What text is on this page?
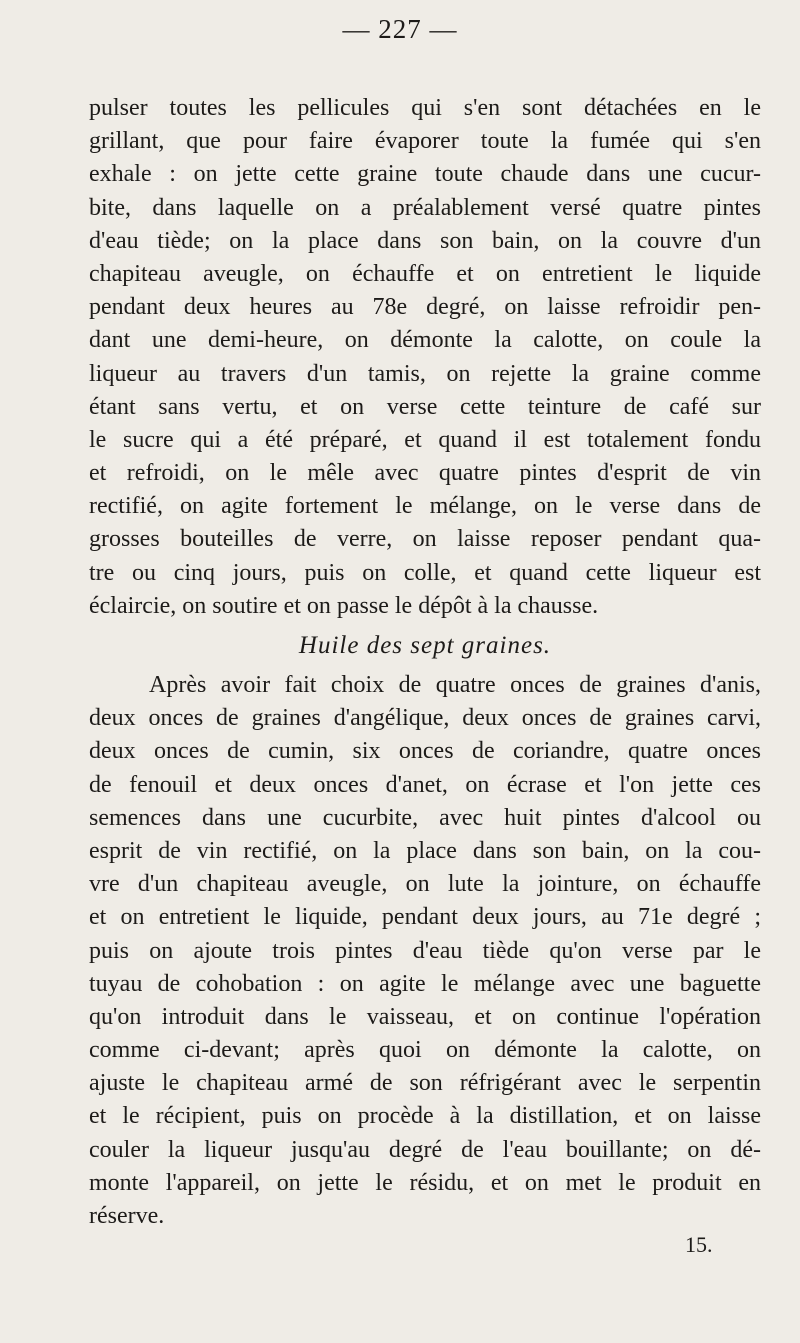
— 227 —
pulser toutes les pellicules qui s'en sont détachées en le
grillant, que pour faire évaporer toute la fumée qui s'en
exhale : on jette cette graine toute chaude dans une cucur-
bite, dans laquelle on a préalablement versé quatre pintes
d'eau tiède; on la place dans son bain, on la couvre d'un
chapiteau aveugle, on échauffe et on entretient le liquide
pendant deux heures au 78e degré, on laisse refroidir pen-
dant une demi-heure, on démonte la calotte, on coule la
liqueur au travers d'un tamis, on rejette la graine comme
étant sans vertu, et on verse cette teinture de café sur
le sucre qui a été préparé, et quand il est totalement fondu
et refroidi, on le mêle avec quatre pintes d'esprit de vin
rectifié, on agite fortement le mélange, on le verse dans de
grosses bouteilles de verre, on laisse reposer pendant qua-
tre ou cinq jours, puis on colle, et quand cette liqueur est
éclaircie, on soutire et on passe le dépôt à la chausse.
Huile des sept graines.
Après avoir fait choix de quatre onces de graines d'anis,
deux onces de graines d'angélique, deux onces de graines carvi,
deux onces de cumin, six onces de coriandre, quatre onces
de fenouil et deux onces d'anet, on écrase et l'on jette ces
semences dans une cucurbite, avec huit pintes d'alcool ou
esprit de vin rectifié, on la place dans son bain, on la cou-
vre d'un chapiteau aveugle, on lute la jointure, on échauffe
et on entretient le liquide, pendant deux jours, au 71e degré ;
puis on ajoute trois pintes d'eau tiède qu'on verse par le
tuyau de cohobation : on agite le mélange avec une baguette
qu'on introduit dans le vaisseau, et on continue l'opération
comme ci-devant; après quoi on démonte la calotte, on
ajuste le chapiteau armé de son réfrigérant avec le serpentin
et le récipient, puis on procède à la distillation, et on laisse
couler la liqueur jusqu'au degré de l'eau bouillante; on dé-
monte l'appareil, on jette le résidu, et on met le produit en
réserve.
15.
